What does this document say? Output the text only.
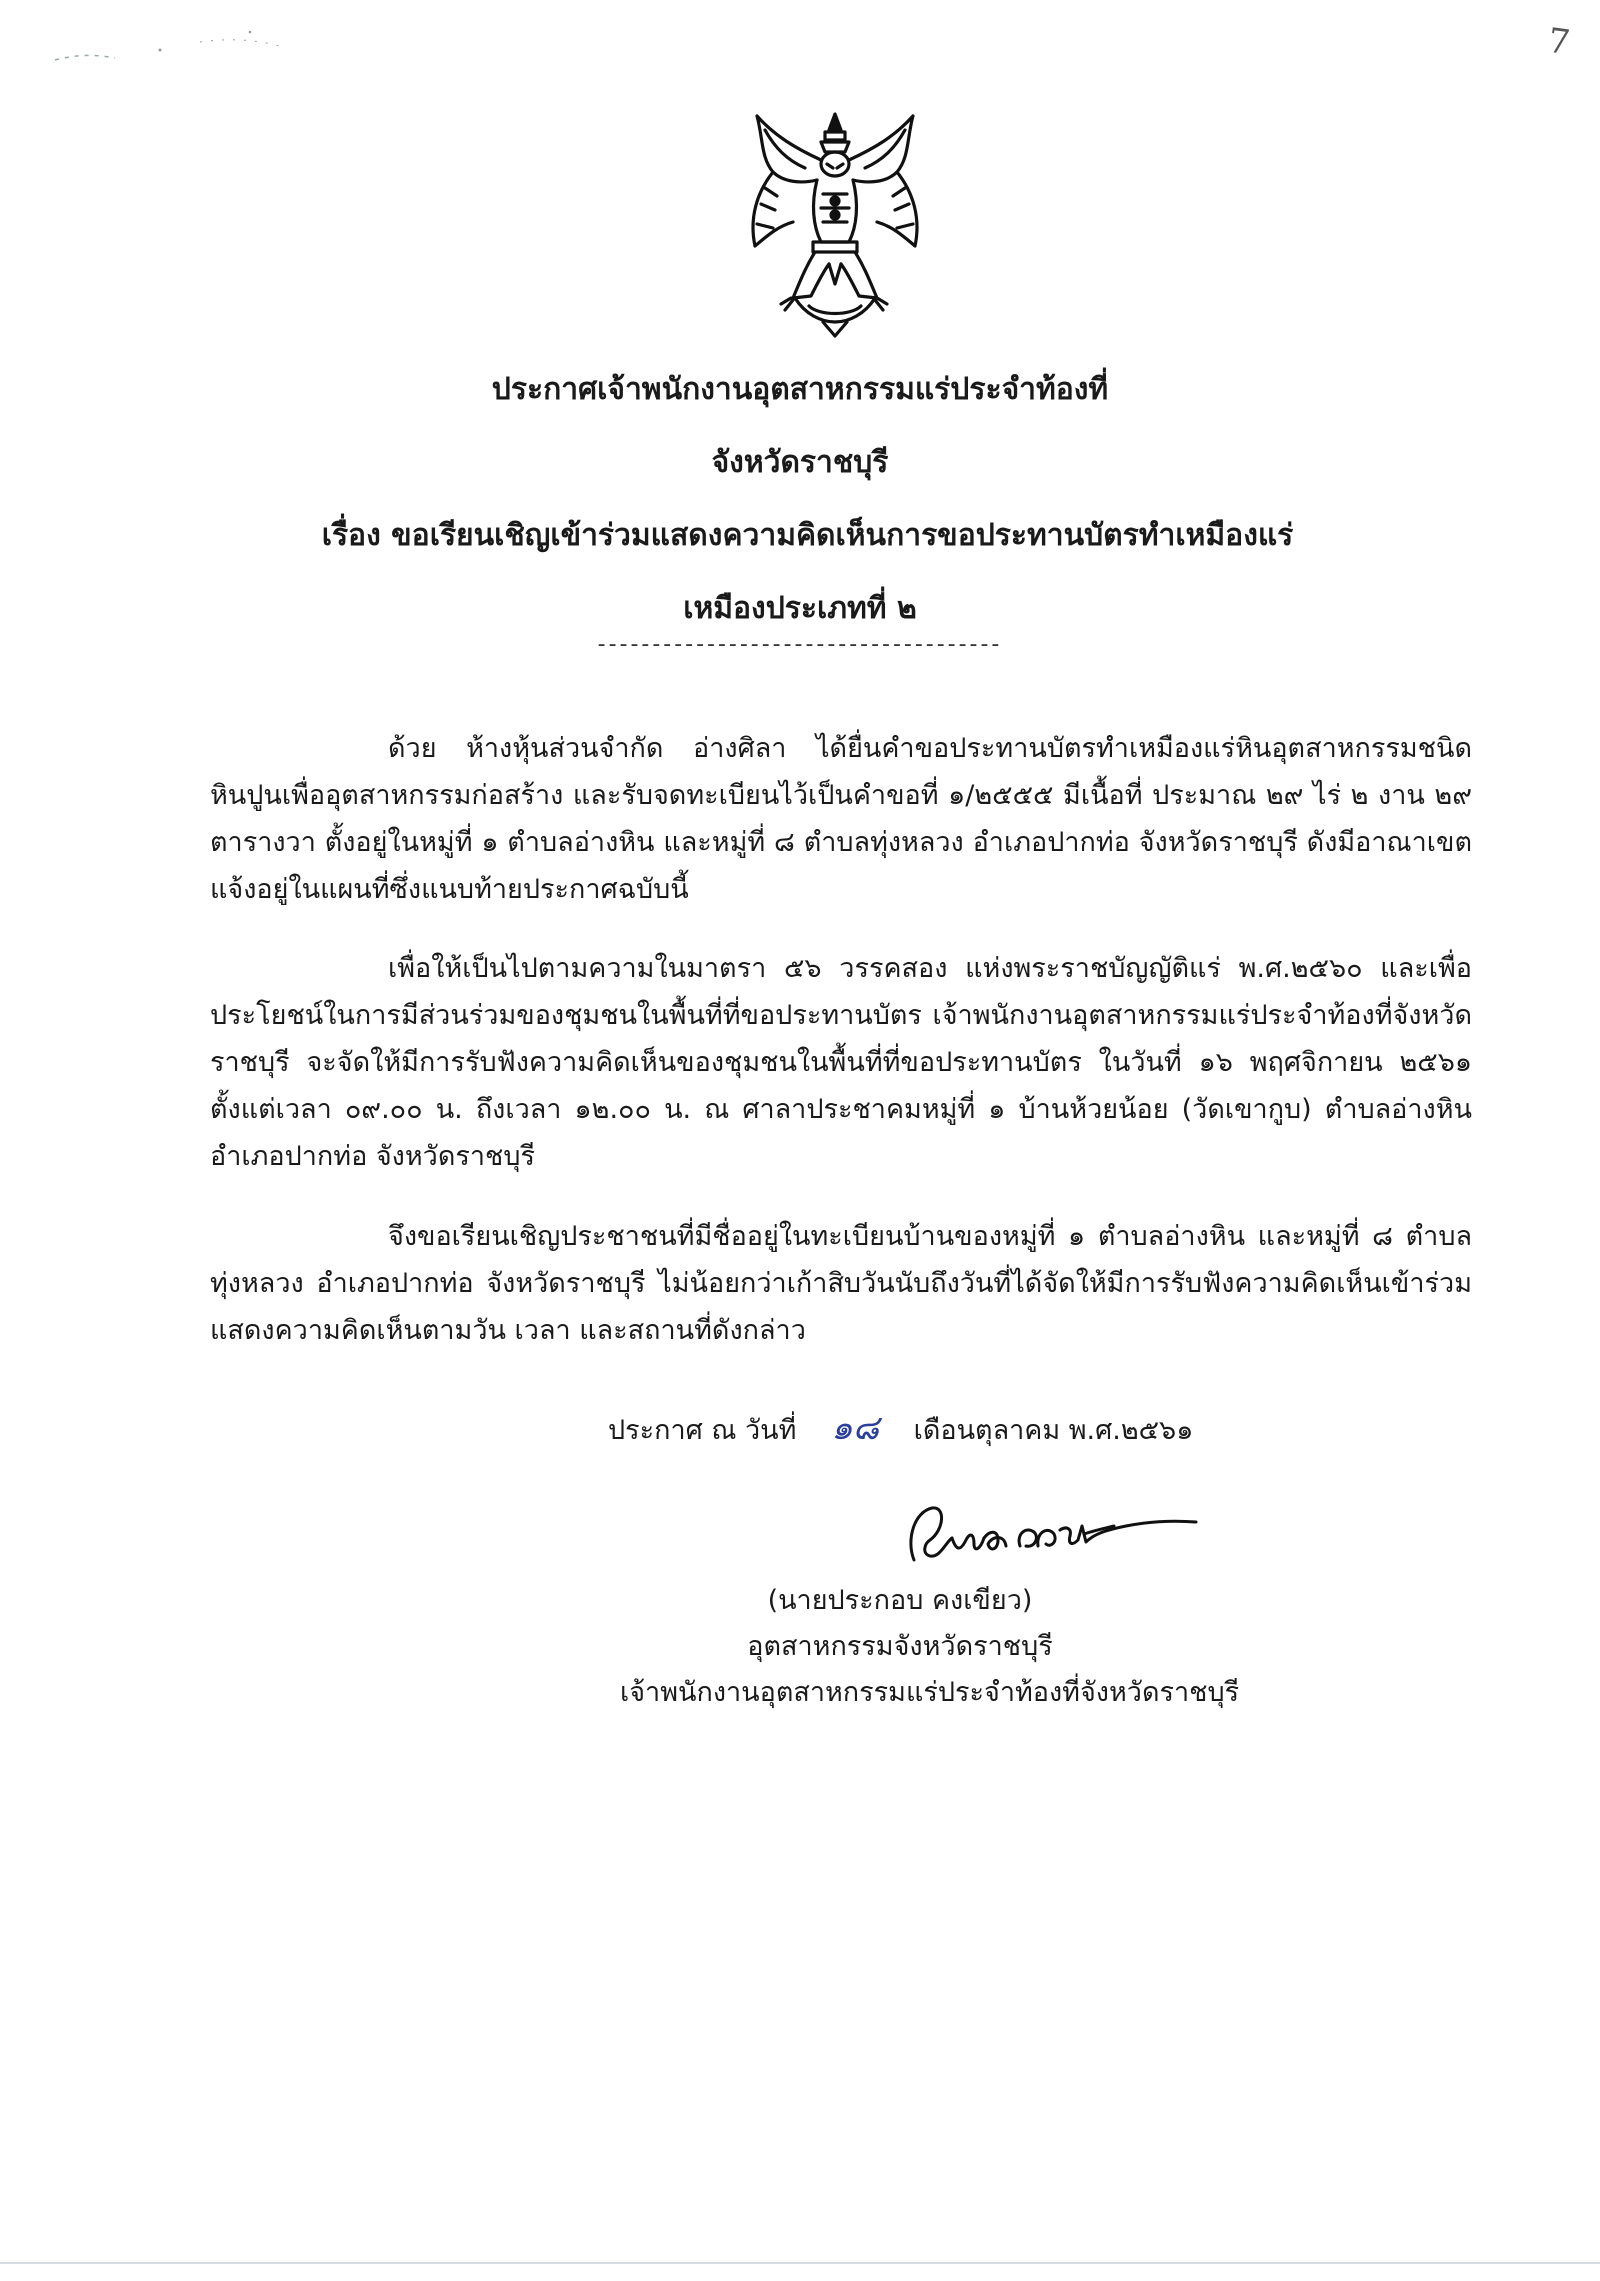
7
ประกาศเจ้าพนักงานอุตสาหกรรมแร่ประจำท้องที่
จังหวัดราชบุรี
เรื่อง ขอเรียนเชิญเข้าร่วมแสดงความคิดเห็นการขอประทานบัตรทำเหมืองแร่
เหมืองประเภทที่ ๒
-------------------------------------
ด้วย ห้างหุ้นส่วนจำกัด อ่างศิลา ได้ยื่นคำขอประทานบัตรทำเหมืองแร่หินอุตสาหกรรมชนิดหินปูนเพื่ออุตสาหกรรมก่อสร้าง และรับจดทะเบียนไว้เป็นคำขอที่ ๑/๒๕๕๕ มีเนื้อที่ ประมาณ ๒๙ ไร่ ๒ งาน ๒๙ ตารางวา ตั้งอยู่ในหมู่ที่ ๑ ตำบลอ่างหิน และหมู่ที่ ๘ ตำบลทุ่งหลวง อำเภอปากท่อ จังหวัดราชบุรี ดังมีอาณาเขตแจ้งอยู่ในแผนที่ซึ่งแนบท้ายประกาศฉบับนี้
เพื่อให้เป็นไปตามความในมาตรา ๕๖ วรรคสอง แห่งพระราชบัญญัติแร่ พ.ศ.๒๕๖๐ และเพื่อประโยชน์ในการมีส่วนร่วมของชุมชนในพื้นที่ที่ขอประทานบัตร เจ้าพนักงานอุตสาหกรรมแร่ประจำท้องที่จังหวัดราชบุรี จะจัดให้มีการรับฟังความคิดเห็นของชุมชนในพื้นที่ที่ขอประทานบัตร ในวันที่ ๑๖ พฤศจิกายน ๒๕๖๑ ตั้งแต่เวลา ๐๙.๐๐ น. ถึงเวลา ๑๒.๐๐ น. ณ ศาลาประชาคมหมู่ที่ ๑ บ้านห้วยน้อย (วัดเขากูบ) ตำบลอ่างหิน อำเภอปากท่อ จังหวัดราชบุรี
จึงขอเรียนเชิญประชาชนที่มีชื่ออยู่ในทะเบียนบ้านของหมู่ที่ ๑ ตำบลอ่างหิน และหมู่ที่ ๘ ตำบลทุ่งหลวง อำเภอปากท่อ จังหวัดราชบุรี ไม่น้อยกว่าเก้าสิบวันนับถึงวันที่ได้จัดให้มีการรับฟังความคิดเห็นเข้าร่วมแสดงความคิดเห็นตามวัน เวลา และสถานที่ดังกล่าว
ประกาศ ณ วันที่ ๑๘ เดือนตุลาคม พ.ศ.๒๕๖๑
(นายประกอบ คงเขียว)
อุตสาหกรรมจังหวัดราชบุรี
เจ้าพนักงานอุตสาหกรรมแร่ประจำท้องที่จังหวัดราชบุรี
